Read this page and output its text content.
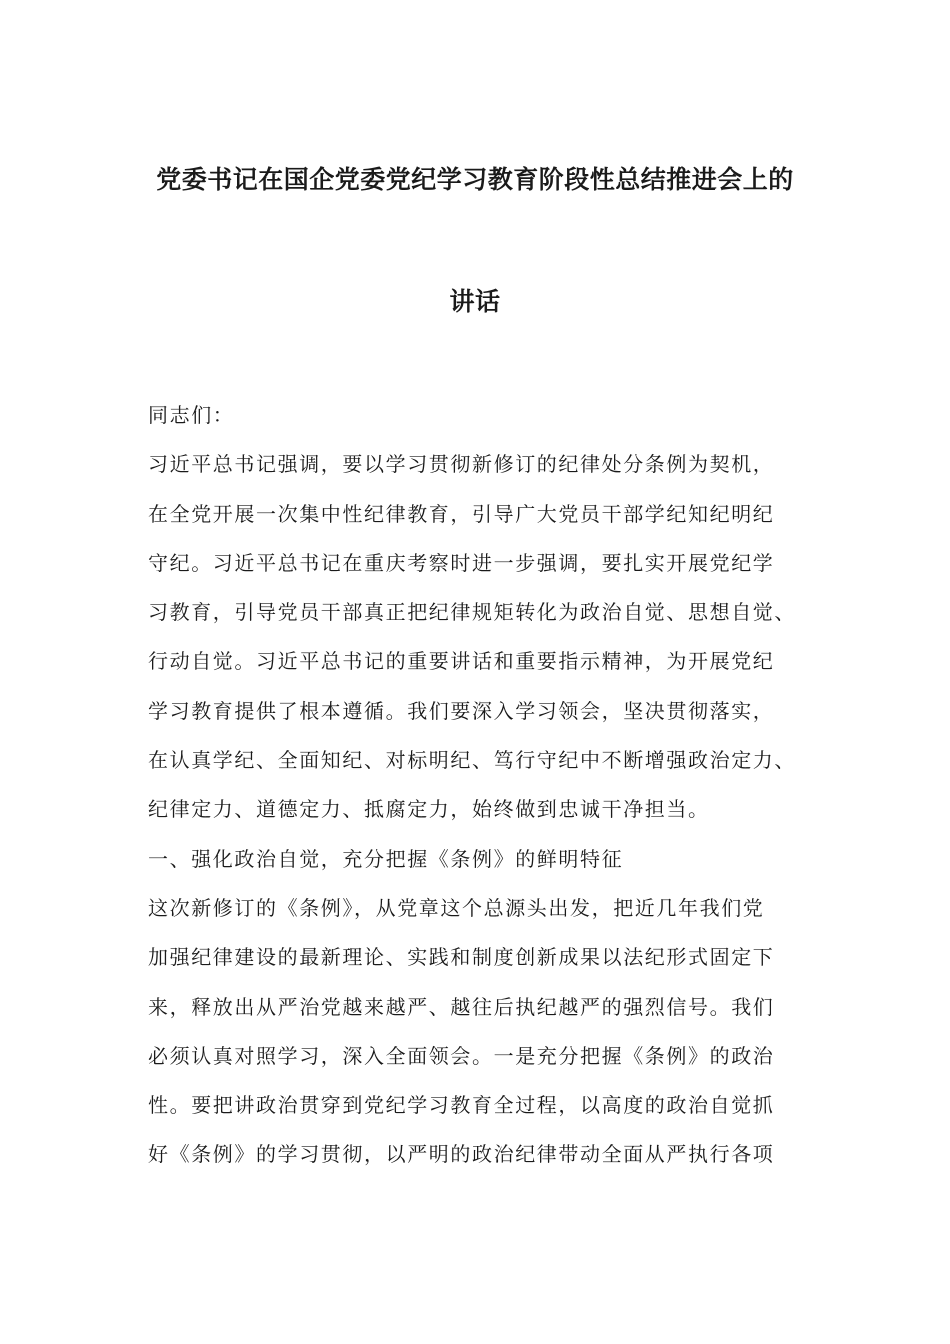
党委书记在国企党委党纪学习教育阶段性总结推进会上的
讲话
同志们：
习近平总书记强调，要以学习贯彻新修订的纪律处分条例为契机，
在全党开展一次集中性纪律教育，引导广大党员干部学纪知纪明纪
守纪。习近平总书记在重庆考察时进一步强调，要扎实开展党纪学
习教育，引导党员干部真正把纪律规矩转化为政治自觉、思想自觉、
行动自觉。习近平总书记的重要讲话和重要指示精神，为开展党纪
学习教育提供了根本遵循。我们要深入学习领会，坚决贯彻落实，
在认真学纪、全面知纪、对标明纪、笃行守纪中不断增强政治定力、
纪律定力、道德定力、抵腐定力，始终做到忠诚干净担当。
一、强化政治自觉，充分把握《条例》的鲜明特征
这次新修订的《条例》，从党章这个总源头出发，把近几年我们党
加强纪律建设的最新理论、实践和制度创新成果以法纪形式固定下
来，释放出从严治党越来越严、越往后执纪越严的强烈信号。我们
必须认真对照学习，深入全面领会。一是充分把握《条例》的政治
性。要把讲政治贯穿到党纪学习教育全过程，以高度的政治自觉抓
好《条例》的学习贯彻，以严明的政治纪律带动全面从严执行各项
